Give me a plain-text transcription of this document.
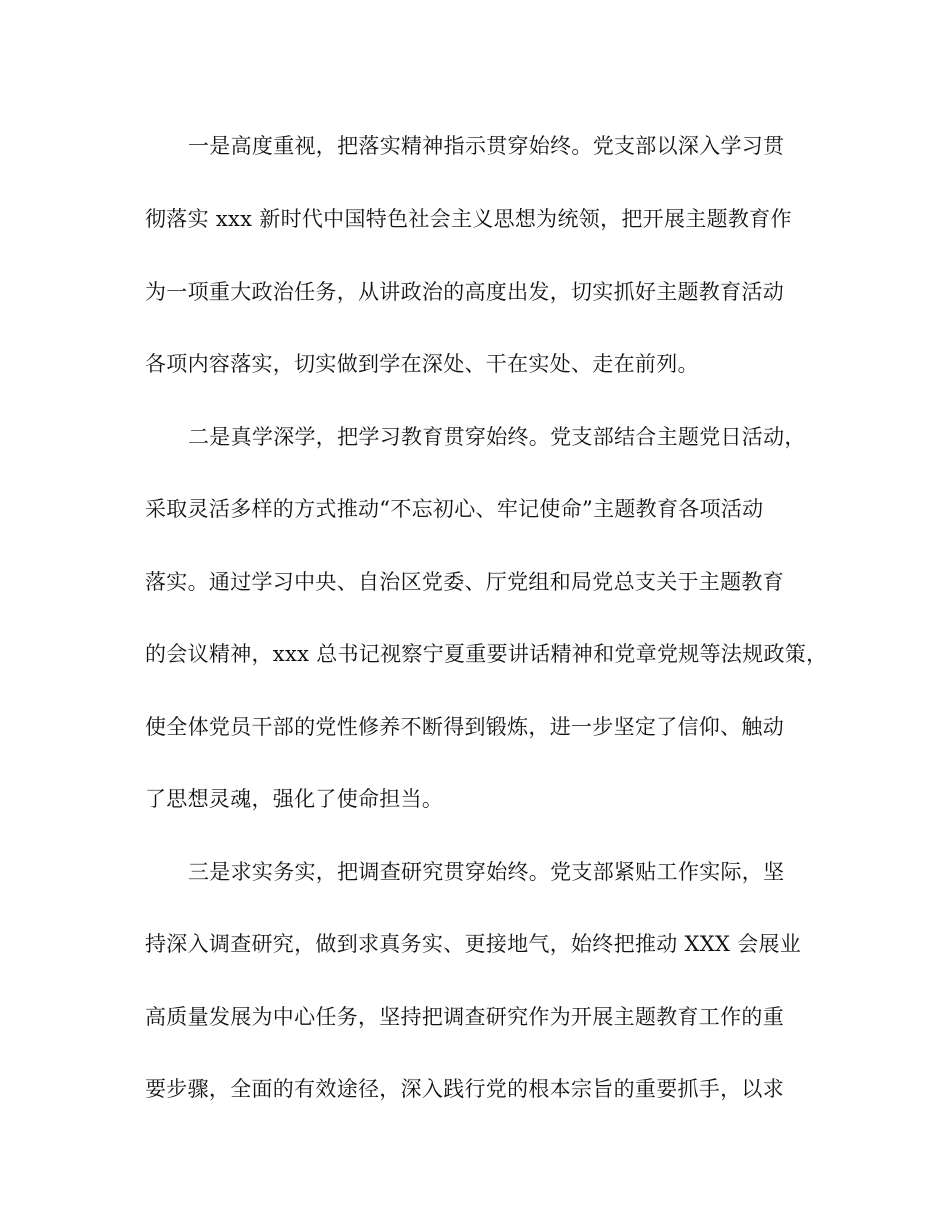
一是高度重视，把落实精神指示贯穿始终。党支部以深入学习贯
彻落实 xxx 新时代中国特色社会主义思想为统领，把开展主题教育作
为一项重大政治任务，从讲政治的高度出发，切实抓好主题教育活动
各项内容落实，切实做到学在深处、干在实处、走在前列。
二是真学深学，把学习教育贯穿始终。党支部结合主题党日活动，
采取灵活多样的方式推动“不忘初心、牢记使命”主题教育各项活动
落实。通过学习中央、自治区党委、厅党组和局党总支关于主题教育
的会议精神，xxx 总书记视察宁夏重要讲话精神和党章党规等法规政策，
使全体党员干部的党性修养不断得到锻炼，进一步坚定了信仰、触动
了思想灵魂，强化了使命担当。
三是求实务实，把调查研究贯穿始终。党支部紧贴工作实际，坚
持深入调查研究，做到求真务实、更接地气，始终把推动 XXX 会展业
高质量发展为中心任务，坚持把调查研究作为开展主题教育工作的重
要步骤，全面的有效途径，深入践行党的根本宗旨的重要抓手，以求
